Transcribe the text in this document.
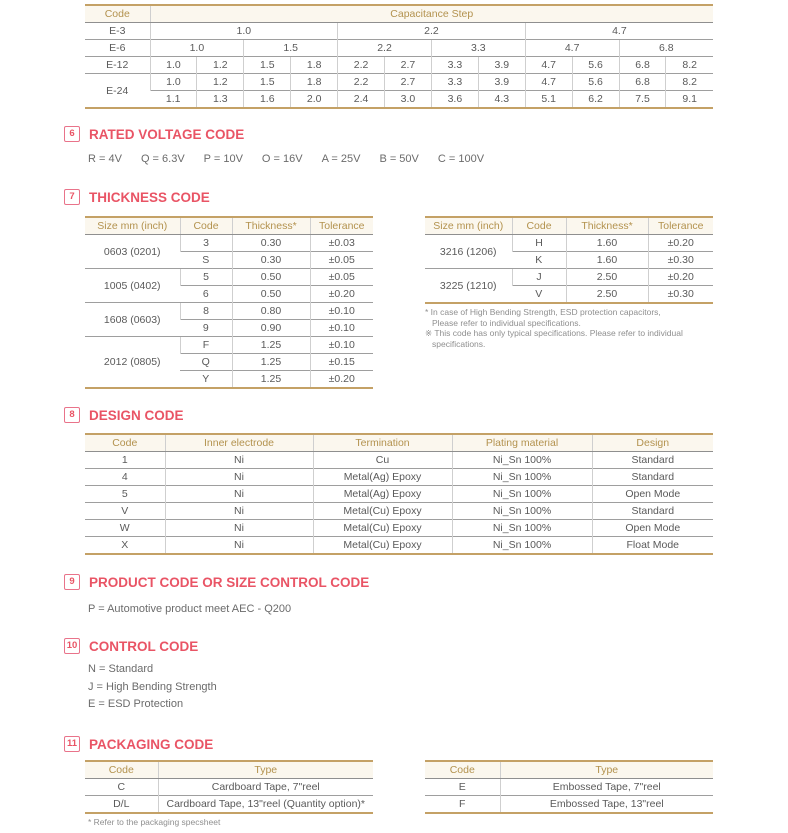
Code	Capacitance Step											
E-3	1.0				2.2				4.7			
E-6	1.0		1.5		2.2		3.3		4.7		6.8	
E-12	1.0	1.2	1.5	1.8	2.2	2.7	3.3	3.9	4.7	5.6	6.8	8.2
E-24	1.0	1.2	1.5	1.8	2.2	2.7	3.3	3.9	4.7	5.6	6.8	8.2
	1.1	1.3	1.6	2.0	2.4	3.0	3.6	4.3	5.1	6.2	7.5	9.1
6	RATED VOLTAGE CODE
R = 4V Q = 6.3V P = 10V O = 16V A = 25V B = 50V C = 100V
7	THICKNESS CODE
Size mm (inch)	Code	Thickness*	Tolerance
0603 (0201)	3	0.30	±0.03
	S	0.30	±0.05
1005 (0402)	5	0.50	±0.05
	6	0.50	±0.20
1608 (0603)	8	0.80	±0.10
	9	0.90	±0.10
2012 (0805)	F	1.25	±0.10
	Q	1.25	±0.15
	Y	1.25	±0.20
Size mm (inch)	Code	Thickness*	Tolerance
3216 (1206)	H	1.60	±0.20
	K	1.60	±0.30
3225 (1210)	J	2.50	±0.20
	V	2.50	±0.30
* In case of High Bending Strength, ESD protection capacitors,
Please refer to individual specifications.
※ This code has only typical specifications. Please refer to individual
specifications.
8	DESIGN CODE
Code	Inner electrode	Termination	Plating material	Design
1	Ni	Cu	Ni_Sn 100%	Standard
4	Ni	Metal(Ag) Epoxy	Ni_Sn 100%	Standard
5	Ni	Metal(Ag) Epoxy	Ni_Sn 100%	Open Mode
V	Ni	Metal(Cu) Epoxy	Ni_Sn 100%	Standard
W	Ni	Metal(Cu) Epoxy	Ni_Sn 100%	Open Mode
X	Ni	Metal(Cu) Epoxy	Ni_Sn 100%	Float Mode
9	PRODUCT CODE OR SIZE CONTROL CODE
P = Automotive product meet AEC - Q200
10 CONTROL CODE
N = Standard
J = High Bending Strength
E = ESD Protection
11 PACKAGING CODE
Code	Type
C	Cardboard Tape, 7"reel
D/L	Cardboard Tape, 13"reel (Quantity option)*
Code	Type
E	Embossed Tape, 7"reel
F	Embossed Tape, 13"reel
* Refer to the packaging specsheet
